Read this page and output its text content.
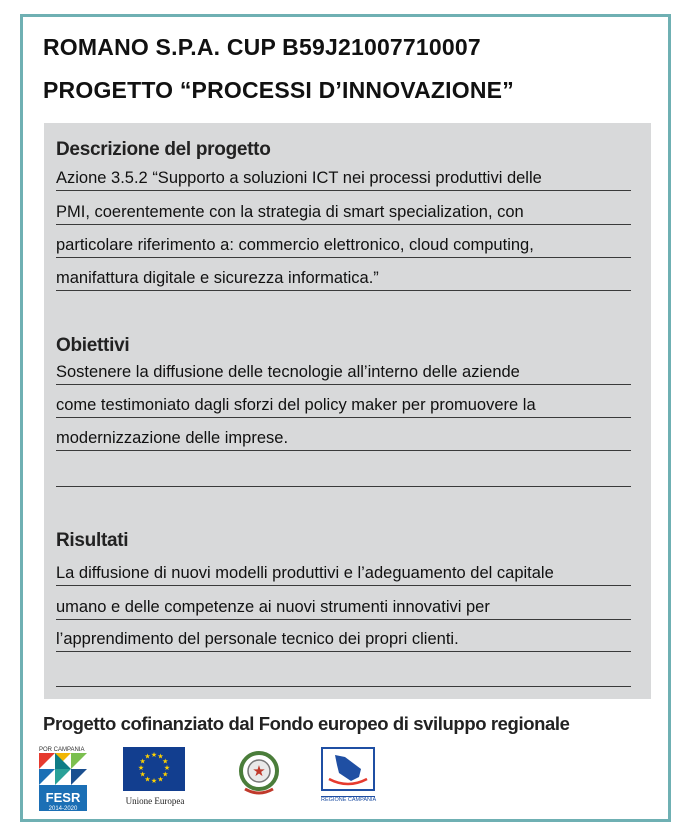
ROMANO S.P.A. CUP B59J21007710007
PROGETTO “PROCESSI D’INNOVAZIONE”
Descrizione del progetto
Azione 3.5.2 “Supporto a soluzioni ICT nei processi produttivi delle
PMI, coerentemente con la strategia di smart specialization, con
particolare riferimento a: commercio elettronico, cloud computing,
manifattura digitale e sicurezza informatica.”
Obiettivi
Sostenere la diffusione delle tecnologie all’interno delle aziende
come testimoniato dagli sforzi del policy maker per promuovere la
modernizzazione delle imprese.
Risultati
La diffusione di nuovi modelli produttivi e l’adeguamento del capitale
umano e delle competenze ai nuovi strumenti innovativi per
l’apprendimento del personale tecnico dei propri clienti.
Progetto cofinanziato dal Fondo europeo di sviluppo regionale
POR CAMPANIA
FESR
2014-2020
★ ★
★
★
★
★
★
★
★
★
★
★
Unione Europea
★
REGIONE CAMPANIA
